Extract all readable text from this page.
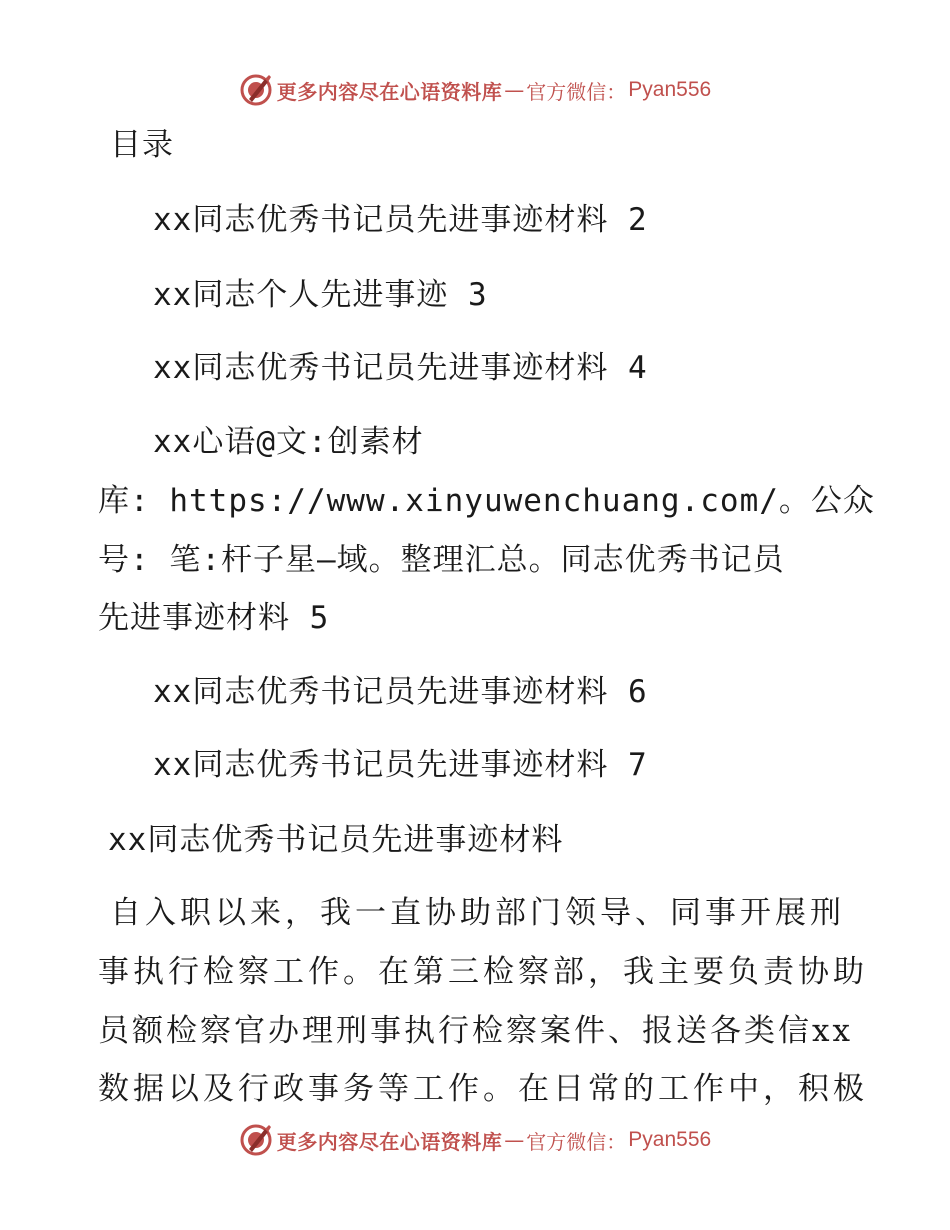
更多内容尽在心语资料库 — 官方微信： Pyan556
目录
xx同志优秀书记员先进事迹材料 2
xx同志个人先进事迹 3
xx同志优秀书记员先进事迹材料 4
xx心语@文:创素材
库: https://www.xinyuwenchuang.com/。公众
号: 笔:杆子星—域。整理汇总。同志优秀书记员
先进事迹材料 5
xx同志优秀书记员先进事迹材料 6
xx同志优秀书记员先进事迹材料 7
xx同志优秀书记员先进事迹材料
自入职以来，我一直协助部门领导、同事开展刑
事执行检察工作。在第三检察部，我主要负责协助
员额检察官办理刑事执行检察案件、报送各类信xx
数据以及行政事务等工作。在日常的工作中，积极
更多内容尽在心语资料库 — 官方微信： Pyan556
